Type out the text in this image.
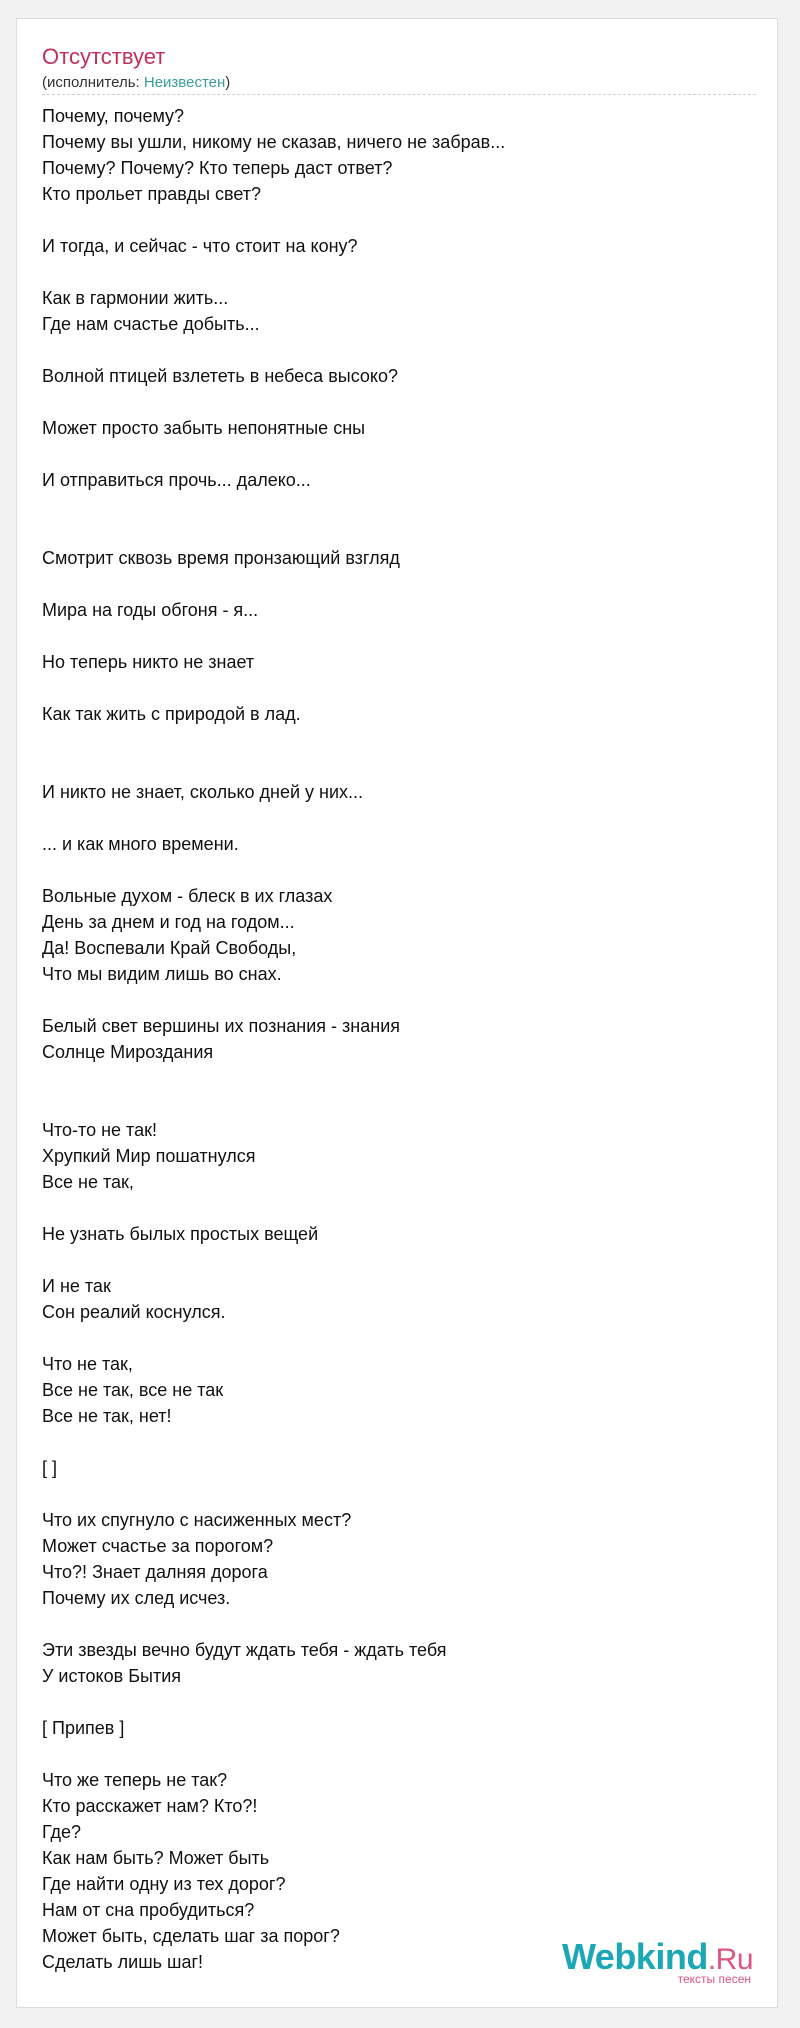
Отсутствует
(исполнитель: Неизвестен)
Почему, почему?
Почему вы ушли, никому не сказав, ничего не забрав...
Почему? Почему? Кто теперь даст ответ?
Кто прольет правды свет?
И тогда, и сейчас - что стоит на кону?
Как в гармонии жить...
Где нам счастье добыть...
Волной птицей взлететь в небеса высоко?
Может просто забыть непонятные сны
И отправиться прочь... далеко...
Смотрит сквозь время пронзающий взгляд
Мира на годы обгоня - я...
Но теперь никто не знает
Как так жить с природой в лад.
И никто не знает, сколько дней у них...
... и как много времени.
Вольные духом - блеск в их глазах
День за днем и год на годом...
Да! Воспевали Край Свободы,
Что мы видим лишь во снах.
Белый свет вершины их познания - знания
Солнце Мироздания
Что-то не так!
Хрупкий Мир пошатнулся
Все не так,
Не узнать былых простых вещей
И не так
Сон реалий коснулся.
Что не так,
Все не так, все не так
Все не так, нет!
[ ]
Что их спугнуло с насиженных мест?
Может счастье за порогом?
Что?! Знает далняя дорога
Почему их след исчез.
Эти звезды вечно будут ждать тебя - ждать тебя
У истоков Бытия
[ Припев ]
Что же теперь не так?
Кто расскажет нам? Кто?!
Где?
Как нам быть? Может быть
Где найти одну из тех дорог?
Нам от сна пробудиться?
Может быть, сделать шаг за порог?
Сделать лишь шаг!	Webkind.Ru
тексты песен
